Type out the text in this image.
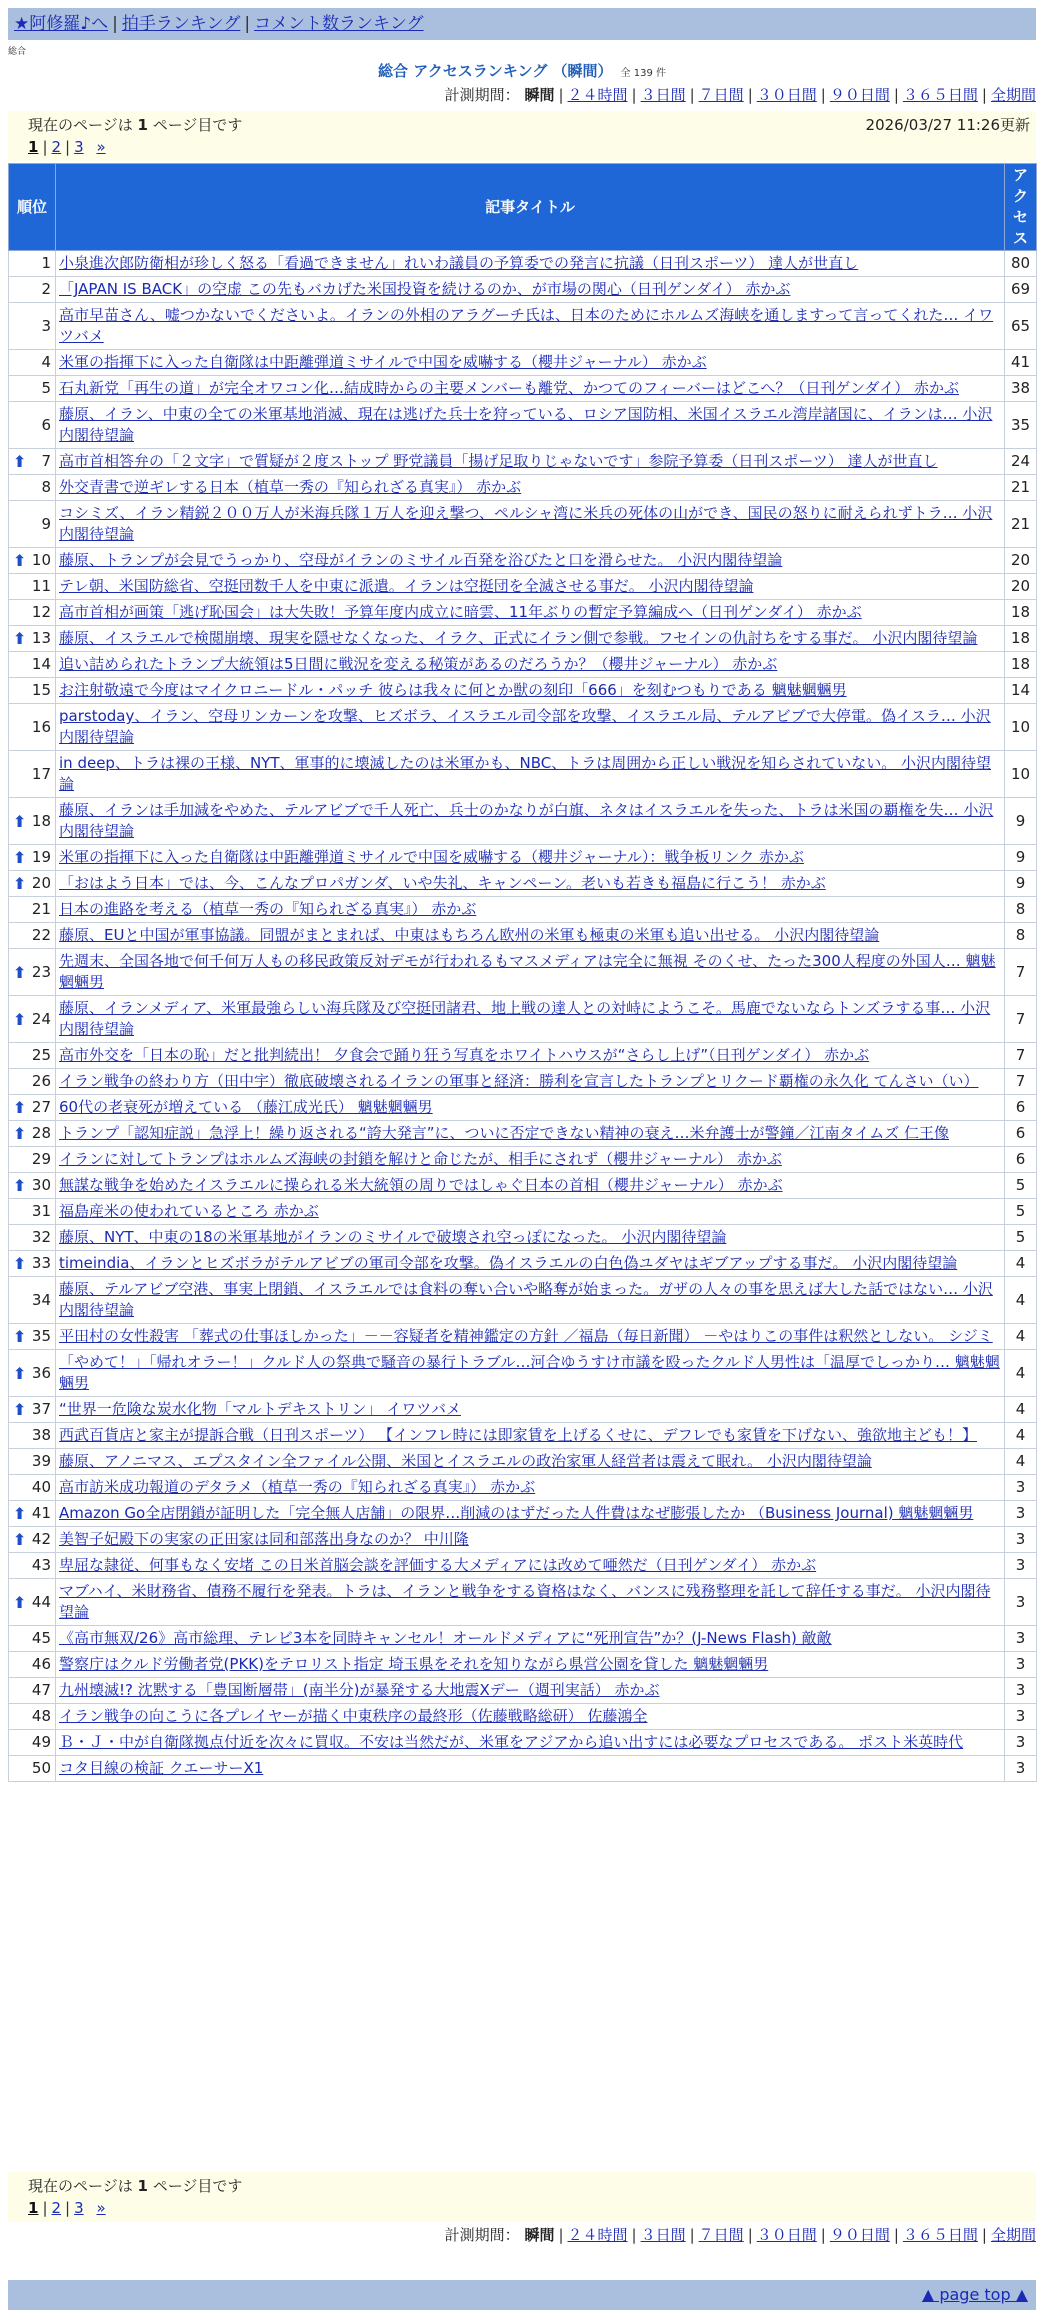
★阿修羅♪へ | 拍手ランキング | コメント数ランキング
総合
総合 アクセスランキング （瞬間） 全 139 件
計測期間： 瞬間 | ２４時間 | ３日間 | ７日間 | ３０日間 | ９０日間 | ３６５日間 | 全期間
現在のページは 1 ページ目です	2026/03/27 11:26更新
1 | 2 | 3 »
順位	記事タイトル	アクセス
1	小泉進次郎防衛相が珍しく怒る「看過できません」れいわ議員の予算委での発言に抗議（日刊スポーツ） 達人が世直し	80
2	「JAPAN IS BACK」の空虚 この先もバカげた米国投資を続けるのか、が市場の関心（日刊ゲンダイ） 赤かぶ	69
3	高市早苗さん、嘘つかないでくださいよ。イランの外相のアラグーチ氏は、日本のためにホルムズ海峡を通しますって言ってくれた… イワツバメ	65
4	米軍の指揮下に入った自衛隊は中距離弾道ミサイルで中国を威嚇する（櫻井ジャーナル） 赤かぶ	41
5	石丸新党「再生の道」が完全オワコン化…結成時からの主要メンバーも離党、かつてのフィーバーはどこへ？（日刊ゲンダイ） 赤かぶ	38
6	藤原、イラン、中東の全ての米軍基地消滅、現在は逃げた兵士を狩っている、ロシア国防相、米国イスラエル湾岸諸国に、イランは… 小沢内閣待望論	35

⬆ 7	高市首相答弁の「２文字」で質疑が２度ストップ 野党議員「揚げ足取りじゃないです」参院予算委（日刊スポーツ） 達人が世直し	24
8	外交青書で逆ギレする日本（植草一秀の『知られざる真実』） 赤かぶ	21
9	コシミズ、イラン精鋭２００万人が米海兵隊１万人を迎え撃つ、ペルシャ湾に米兵の死体の山ができ、国民の怒りに耐えられずトラ… 小沢内閣待望論	21

⬆ 10	藤原、トランプが会見でうっかり、空母がイランのミサイル百発を浴びたと口を滑らせた。 小沢内閣待望論	20
11	テレ朝、米国防総省、空挺団数千人を中東に派遣。イランは空挺団を全滅させる事だ。 小沢内閣待望論	20
12	高市首相が画策「逃げ恥国会」は大失敗！予算年度内成立に暗雲、11年ぶりの暫定予算編成へ（日刊ゲンダイ） 赤かぶ	18

⬆ 13	藤原、イスラエルで検閲崩壊、現実を隠せなくなった、イラク、正式にイラン側で参戦。フセインの仇討ちをする事だ。 小沢内閣待望論	18
14	追い詰められたトランプ大統領は5日間に戦況を変える秘策があるのだろうか？（櫻井ジャーナル） 赤かぶ	18
15	お注射敬遠で今度はマイクロニードル・パッチ 彼らは我々に何とか獣の刻印「666」を刻むつもりである 魑魅魍魎男	14
16	parstoday、イラン、空母リンカーンを攻撃、ヒズボラ、イスラエル司令部を攻撃、イスラエル局、テルアビブで大停電。偽イスラ… 小沢内閣待望論	10
17	in deep、トラは裸の王様、NYT、軍事的に壊滅したのは米軍かも、NBC、トラは周囲から正しい戦況を知らされていない。 小沢内閣待望論	10

⬆ 18	藤原、イランは手加減をやめた、テルアビブで千人死亡、兵士のかなりが白旗、ネタはイスラエルを失った、トラは米国の覇権を失… 小沢内閣待望論	9

⬆ 19	米軍の指揮下に入った自衛隊は中距離弾道ミサイルで中国を威嚇する（櫻井ジャーナル）：戦争板リンク 赤かぶ	9

⬆ 20	「おはよう日本」では、今、こんなプロパガンダ、いや失礼、キャンペーン。老いも若きも福島に行こう！ 赤かぶ	9
21	日本の進路を考える（植草一秀の『知られざる真実』） 赤かぶ	8
22	藤原、EUと中国が軍事協議。同盟がまとまれば、中東はもちろん欧州の米軍も極東の米軍も追い出せる。 小沢内閣待望論	8

⬆ 23	先週末、全国各地で何千何万人もの移民政策反対デモが行われるもマスメディアは完全に無視 そのくせ、たった300人程度の外国人… 魑魅魍魎男	7

⬆ 24	藤原、イランメディア、米軍最強らしい海兵隊及び空挺団諸君、地上戦の達人との対峙にようこそ。馬鹿でないならトンズラする事… 小沢内閣待望論	7
25	高市外交を「日本の恥」だと批判続出！ 夕食会で踊り狂う写真をホワイトハウスが“さらし上げ”（日刊ゲンダイ） 赤かぶ	7
26	イラン戦争の終わり方（田中宇）徹底破壊されるイランの軍事と経済：勝利を宣言したトランプとリクード覇権の永久化 てんさい（い）	7

⬆ 27	60代の老衰死が増えている （藤江成光氏） 魑魅魍魎男	6

⬆ 28	トランプ「認知症説」急浮上！繰り返される“誇大発言”に、ついに否定できない精神の衰え…米弁護士が警鐘／江南タイムズ 仁王像	6
29	イランに対してトランプはホルムズ海峡の封鎖を解けと命じたが、相手にされず（櫻井ジャーナル） 赤かぶ	6

⬆ 30	無謀な戦争を始めたイスラエルに操られる米大統領の周りではしゃぐ日本の首相（櫻井ジャーナル） 赤かぶ	5
31	福島産米の使われているところ 赤かぶ	5
32	藤原、NYT、中東の18の米軍基地がイランのミサイルで破壊され空っぽになった。 小沢内閣待望論	5

⬆ 33	timeindia、イランとヒズボラがテルアビブの軍司令部を攻撃。偽イスラエルの白色偽ユダヤはギブアップする事だ。 小沢内閣待望論	4
34	藤原、テルアビブ空港、事実上閉鎖、イスラエルでは食料の奪い合いや略奪が始まった。ガザの人々の事を思えば大した話ではない… 小沢内閣待望論	4

⬆ 35	平田村の女性殺害 「葬式の仕事ほしかった」－－容疑者を精神鑑定の方針 ／福島（毎日新聞） －やはりこの事件は釈然としない。 シジミ	4

⬆ 36	「やめて！」「帰れオラー！」クルド人の祭典で騒音の暴行トラブル…河合ゆうすけ市議を殴ったクルド人男性は「温厚でしっかり… 魑魅魍魎男	4

⬆ 37	“世界一危険な炭水化物「マルトデキストリン」 イワツバメ	4
38	西武百貨店と家主が提訴合戦（日刊スポーツ） 【インフレ時には即家賃を上げるくせに、デフレでも家賃を下げない、強欲地主ども！】	4
39	藤原、アノニマス、エプスタイン全ファイル公開、米国とイスラエルの政治家軍人経営者は震えて眠れ。 小沢内閣待望論	4
40	高市訪米成功報道のデタラメ（植草一秀の『知られざる真実』） 赤かぶ	3

⬆ 41	Amazon Go全店閉鎖が証明した「完全無人店舗」の限界…削減のはずだった人件費はなぜ膨張したか （Business Journal) 魑魅魍魎男	3

⬆ 42	美智子妃殿下の実家の正田家は同和部落出身なのか？ 中川隆	3
43	卑屈な隷従、何事もなく安堵 この日米首脳会談を評価する大メディアには改めて唖然だ（日刊ゲンダイ） 赤かぶ	3

⬆ 44	マブハイ、米財務省、債務不履行を発表。トラは、イランと戦争をする資格はなく、バンスに残務整理を託して辞任する事だ。 小沢内閣待望論	3
45	《高市無双/26》高市総理、テレビ3本を同時キャンセル！オールドメディアに“死刑宣告”か？(J-News Flash) 敵敵	3
46	警察庁はクルド労働者党(PKK)をテロリスト指定 埼玉県をそれを知りながら県営公園を貸した 魑魅魍魎男	3
47	九州壊滅!? 沈黙する「豊国断層帯」(南半分)が暴発する大地震Xデー（週刊実話） 赤かぶ	3
48	イラン戦争の向こうに各プレイヤーが描く中東秩序の最終形（佐藤戦略総研） 佐藤鴻全	3
49	Ｂ・Ｊ・中が自衛隊拠点付近を次々に買収。不安は当然だが、米軍をアジアから追い出すには必要なプロセスである。 ポスト米英時代	3
50	コタ目線の検証 クエーサーX1	3
現在のページは 1 ページ目です
1 | 2 | 3 »
計測期間： 瞬間 | ２４時間 | ３日間 | ７日間 | ３０日間 | ９０日間 | ３６５日間 | 全期間
▲ page top ▲
